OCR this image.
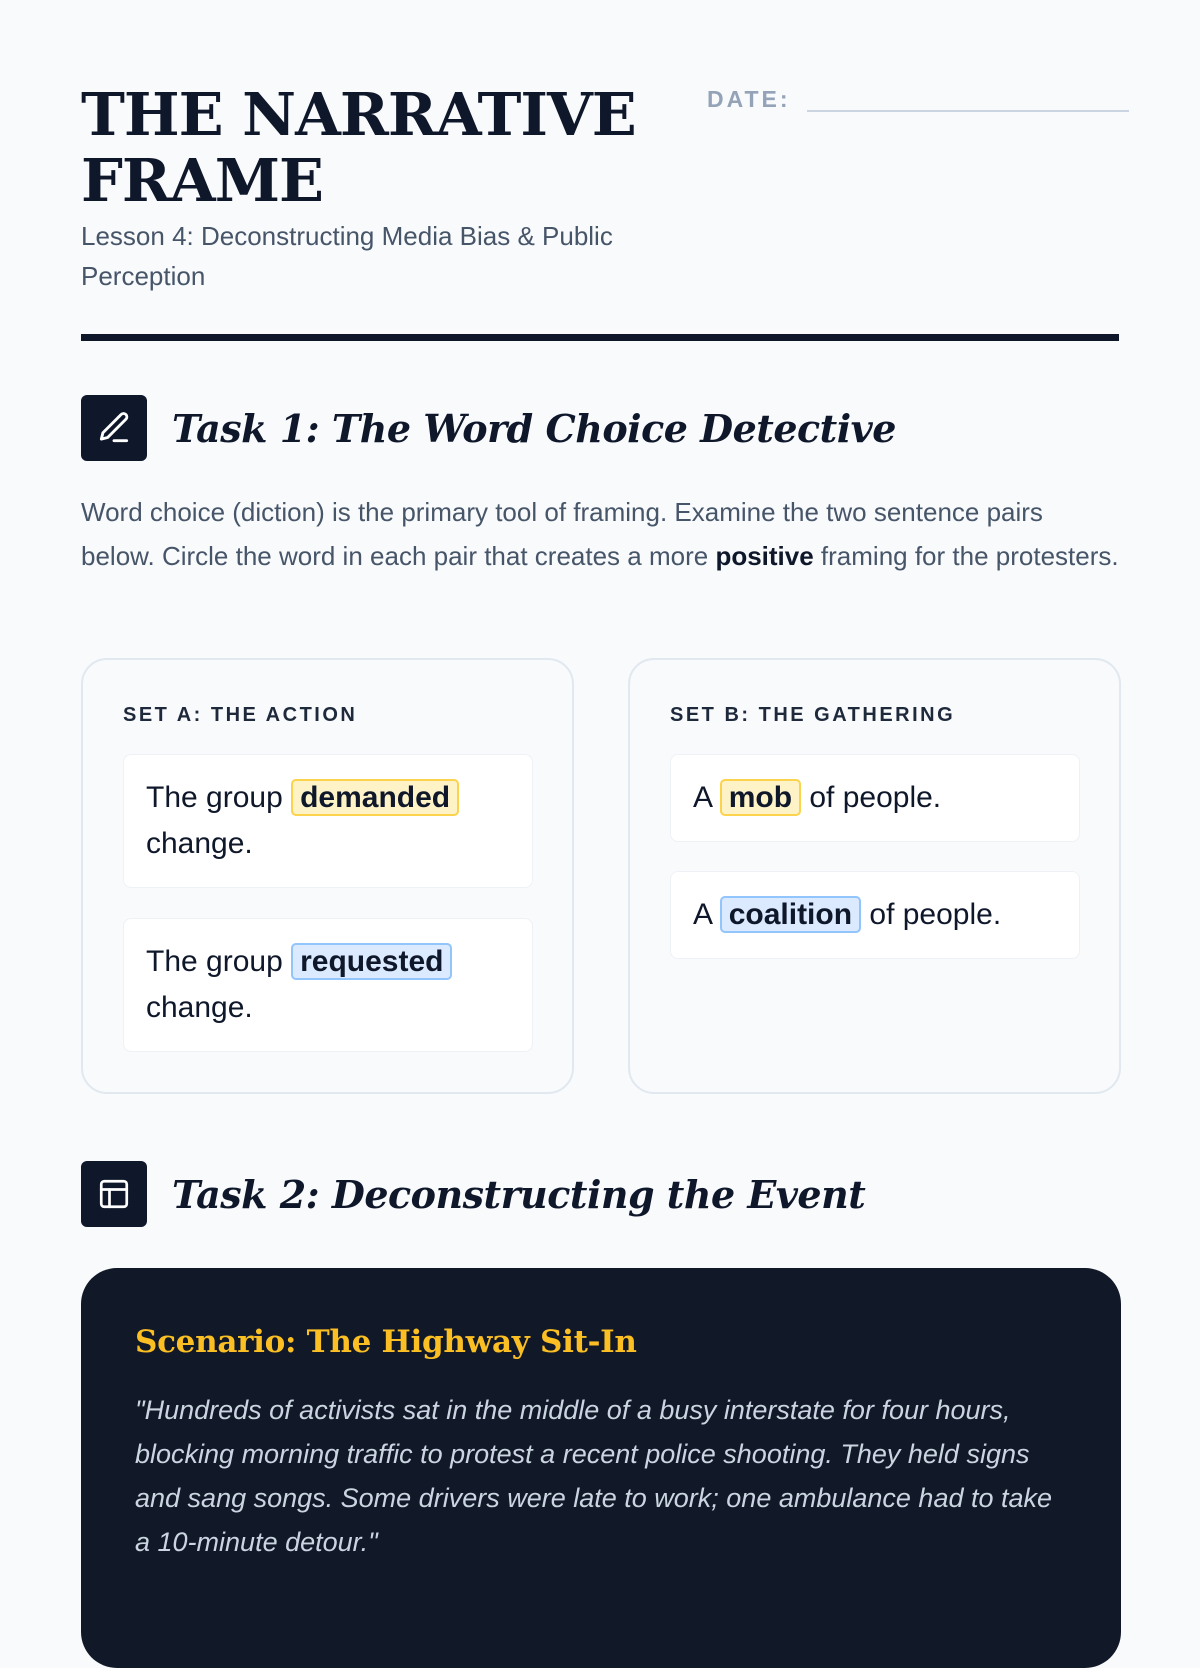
THE NARRATIVE FRAME

Lesson 4: Deconstructing Media Bias & Public Perception

DATE:
Task 1: The Word Choice Detective

Word choice (diction) is the primary tool of framing. Examine the two sentence pairs below. Circle the word in each pair that creates a more positive framing for the protesters.

SET A: THE ACTION
The group demanded change.
The group requested change.
SET B: THE GATHERING
A mob of people.
A coalition of people.
Task 2: Deconstructing the Event
Scenario: The Highway Sit-In

"Hundreds of activists sat in the middle of a busy interstate for four hours, blocking morning traffic to protest a recent police shooting. They held signs and sang songs. Some drivers were late to work; one ambulance had to take a 10-minute detour."
